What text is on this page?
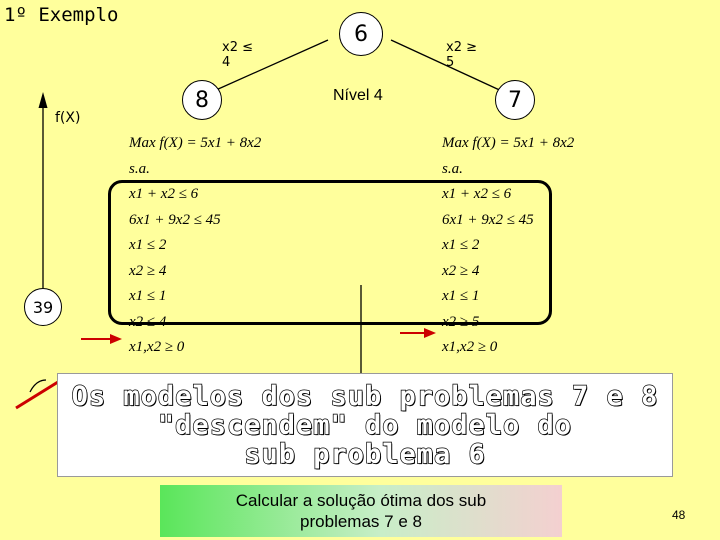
1º Exemplo
6
8	7
39
x2 ≤
4
x2 ≥
5
Nível 4
f(X)
Max f(X) = 5x1 + 8x2
s.a.
x1 + x2 ≤ 6
6x1 + 9x2 ≤ 45
x1 ≤ 2
x2 ≥ 4
x1 ≤ 1
x2 ≤ 4
x1,x2 ≥ 0
Max f(X) = 5x1 + 8x2
s.a.
x1 + x2 ≤ 6
6x1 + 9x2 ≤ 45
x1 ≤ 2
x2 ≥ 4
x1 ≤ 1
x2 ≥ 5
x1,x2 ≥ 0
Os modelos dos sub problemas 7 e 8
"descendem" do modelo do
sub problema 6
Calcular a solução ótima dos sub
problemas 7 e 8	48
